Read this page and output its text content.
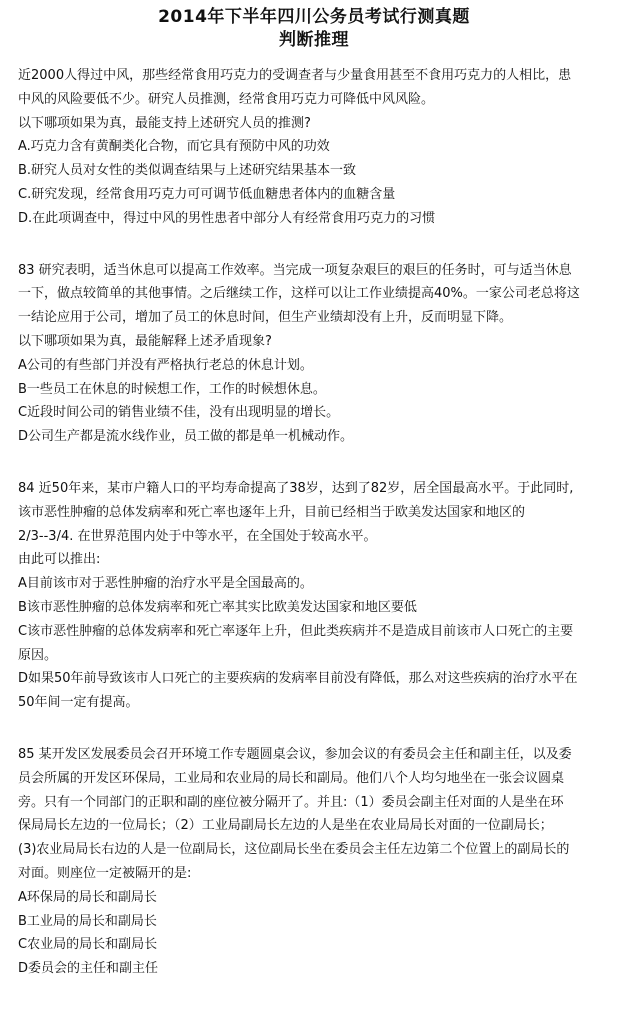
2014年下半年四川公务员考试行测真题

判断推理

近2000人得过中风，那些经常食用巧克力的受调查者与少量食用甚至不食用巧克力的人相比，患

中风的风险要低不少。研究人员推测，经常食用巧克力可降低中风风险。

以下哪项如果为真，最能支持上述研究人员的推测?

A.巧克力含有黄酮类化合物，而它具有预防中风的功效

B.研究人员对女性的类似调查结果与上述研究结果基本一致

C.研究发现，经常食用巧克力可可调节低血糖患者体内的血糖含量

D.在此项调查中，得过中风的男性患者中部分人有经常食用巧克力的习惯

83 研究表明，适当休息可以提高工作效率。当完成一项复杂艰巨的艰巨的任务时，可与适当休息

一下，做点较简单的其他事情。之后继续工作，这样可以让工作业绩提高40%。一家公司老总将这

一结论应用于公司，增加了员工的休息时间，但生产业绩却没有上升，反而明显下降。

以下哪项如果为真，最能解释上述矛盾现象?

A公司的有些部门并没有严格执行老总的休息计划。

B一些员工在休息的时候想工作，工作的时候想休息。

C近段时间公司的销售业绩不佳，没有出现明显的增长。

D公司生产都是流水线作业，员工做的都是单一机械动作。

84 近50年来，某市户籍人口的平均寿命提高了38岁，达到了82岁，居全国最高水平。于此同时,

该市恶性肿瘤的总体发病率和死亡率也逐年上升，目前已经相当于欧美发达国家和地区的

2/3--3/4. 在世界范围内处于中等水平，在全国处于较高水平。

由此可以推出:

A目前该市对于恶性肿瘤的治疗水平是全国最高的。

B该市恶性肿瘤的总体发病率和死亡率其实比欧美发达国家和地区要低

C该市恶性肿瘤的总体发病率和死亡率逐年上升，但此类疾病并不是造成目前该市人口死亡的主要

原因。

D如果50年前导致该市人口死亡的主要疾病的发病率目前没有降低，那么对这些疾病的治疗水平在

50年间一定有提高。

85 某开发区发展委员会召开环境工作专题圆桌会议，参加会议的有委员会主任和副主任，以及委

员会所属的开发区环保局，工业局和农业局的局长和副局。他们八个人均匀地坐在一张会议圆桌

旁。只有一个同部门的正职和副的座位被分隔开了。并且:（1）委员会副主任对面的人是坐在环

保局局长左边的一位局长；（2）工业局副局长左边的人是坐在农业局局长对面的一位副局长；

(3)农业局局长右边的人是一位副局长，这位副局长坐在委员会主任左边第二个位置上的副局长的

对面。则座位一定被隔开的是:

A环保局的局长和副局长

B工业局的局长和副局长

C农业局的局长和副局长

D委员会的主任和副主任
